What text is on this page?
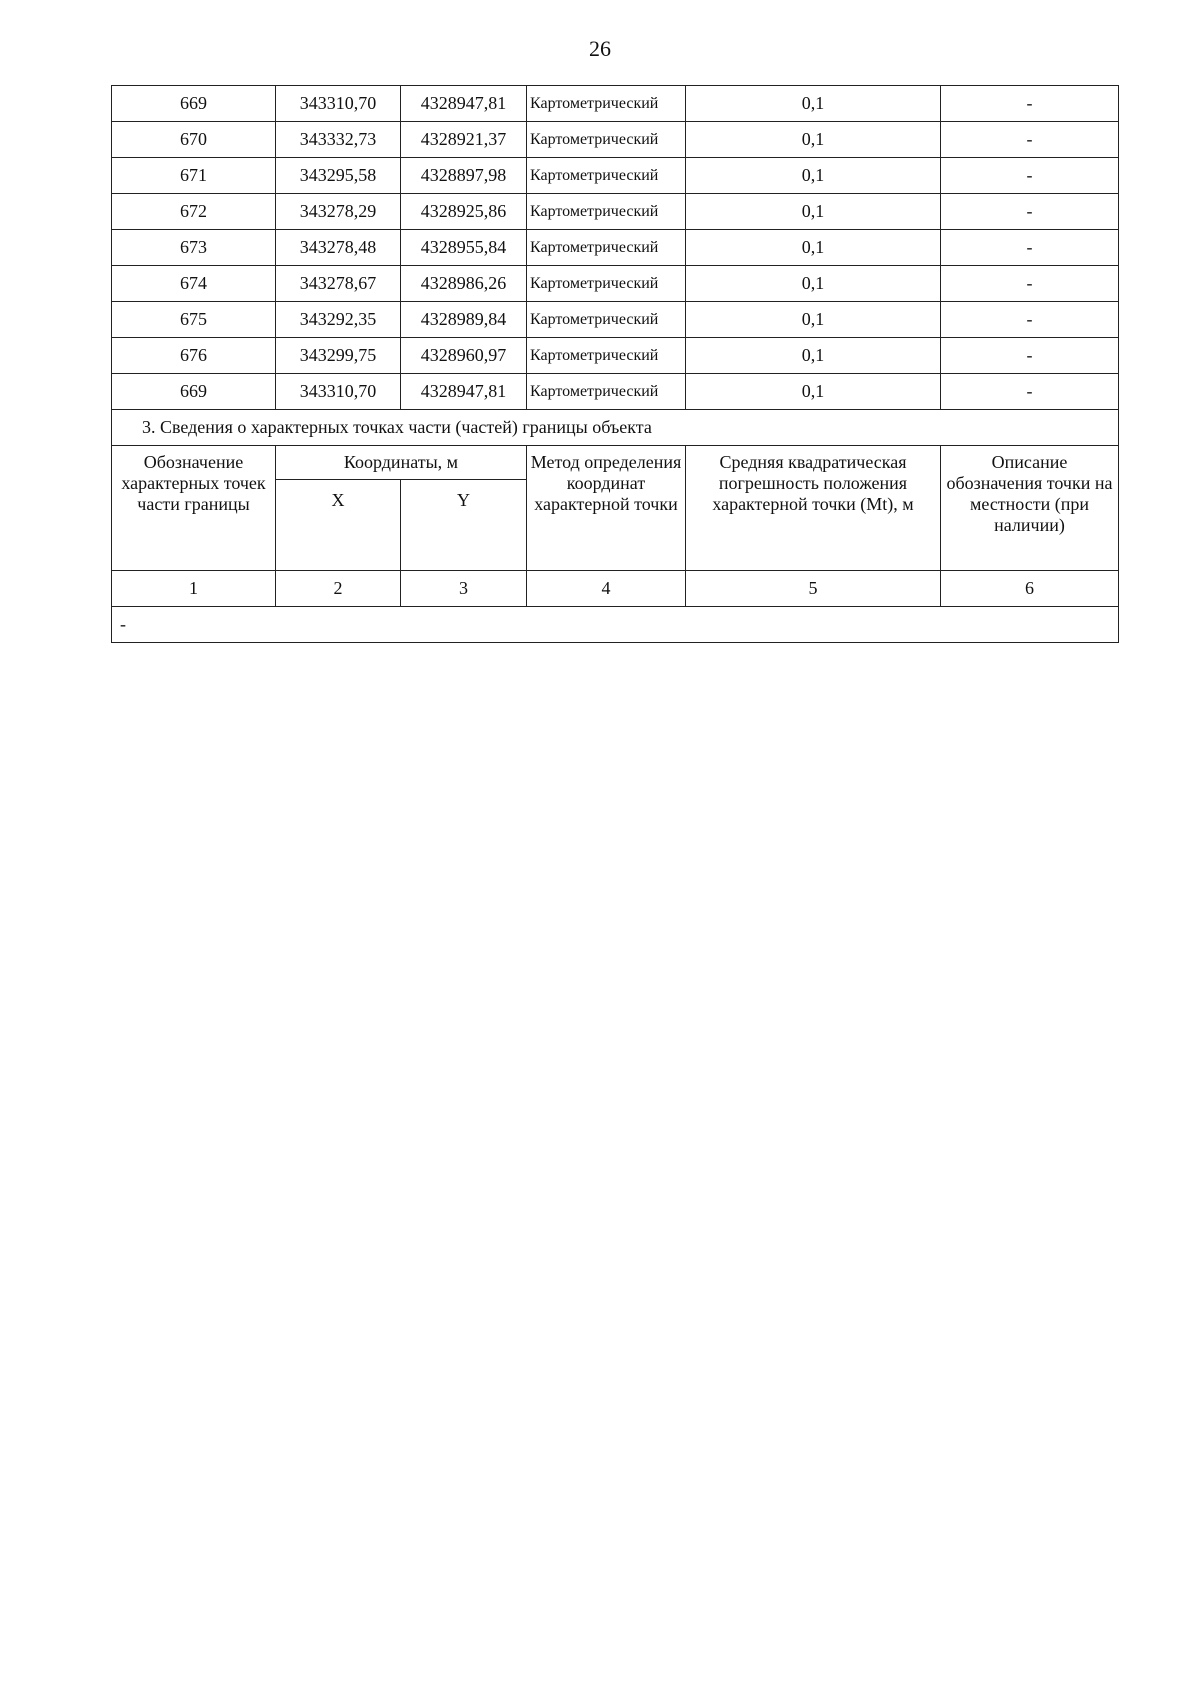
26
669	343310,70	4328947,81	Картометрический	0,1	-
670	343332,73	4328921,37	Картометрический	0,1	-
671	343295,58	4328897,98	Картометрический	0,1	-
672	343278,29	4328925,86	Картометрический	0,1	-
673	343278,48	4328955,84	Картометрический	0,1	-
674	343278,67	4328986,26	Картометрический	0,1	-
675	343292,35	4328989,84	Картометрический	0,1	-
676	343299,75	4328960,97	Картометрический	0,1	-
669	343310,70	4328947,81	Картометрический	0,1	-
3. Сведения о характерных точках части (частей) границы объекта					
Обозначение характерных точек части границы	Координаты, м		Метод определения координат характерной точки	Средняя квадратическая погрешность положения характерной точки (Mt), м	Описание обозначения точки на местности (при наличии)
	X	Y			
1	2	3	4	5	6
-					
